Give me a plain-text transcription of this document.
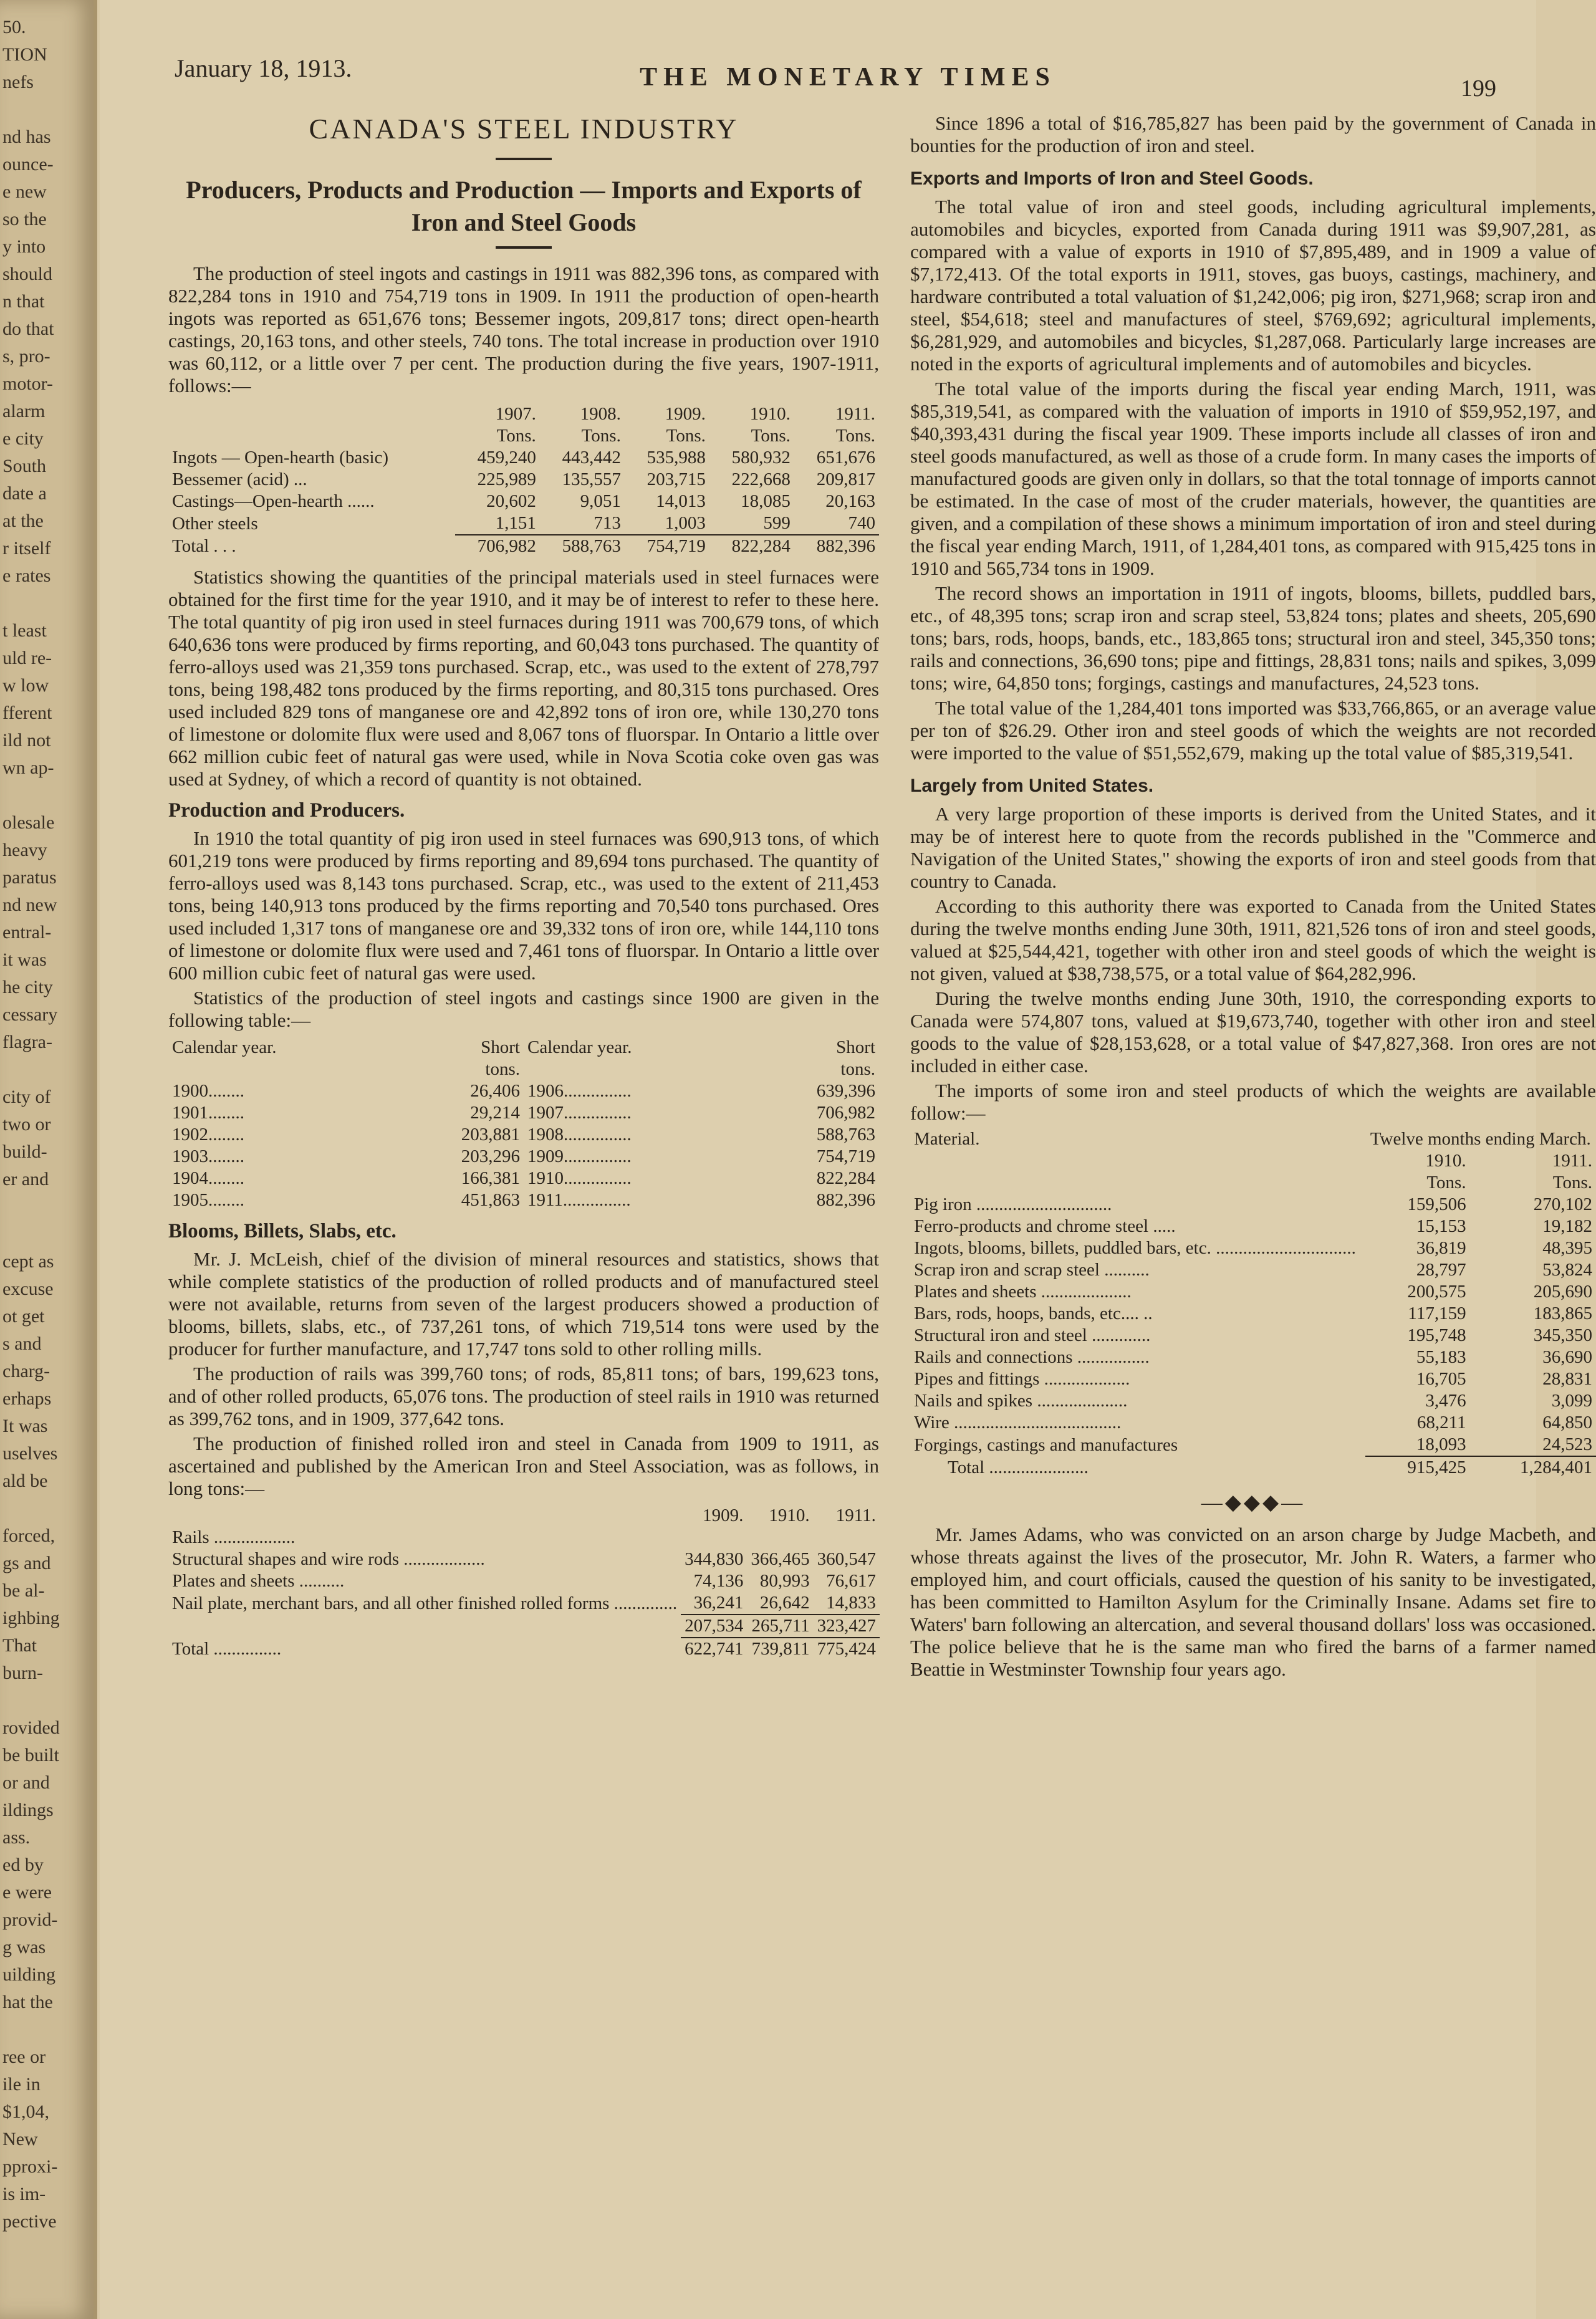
50.
TION
nefs
nd has
ounce-
e new
so the
y into
should
n that
do that
s, pro-
motor-
alarm
e city
South
date a
at the
r itself
e rates
t least
uld re-
w low
fferent
ild not
wn ap-
olesale
heavy
paratus
nd new
entral-
it was
he city
cessary
flagra-
city of
two or
build-
er and
cept as
excuse
ot get
s and
charg-
erhaps
It was
uselves
ald be
forced,
gs and
be al-
ighbing
That
burn-
rovided
be built
or and
ildings
ass.
ed by
e were
provid-
g was
uilding
hat the
ree or
ile in
$1,04,
New
pproxi-
is im-
pective
January 18, 1913.	THE MONETARY TIMES	199
CANADA'S STEEL INDUSTRY
Producers, Products and Production — Imports and Exports of Iron and Steel Goods

The production of steel ingots and castings in 1911 was 882,396 tons, as compared with 822,284 tons in 1910 and 754,719 tons in 1909. In 1911 the production of open-hearth ingots was reported as 651,676 tons; Bessemer ingots, 209,817 tons; direct open-hearth castings, 20,163 tons, and other steels, 740 tons. The total increase in production over 1910 was 60,112, or a little over 7 per cent. The production during the five years, 1907-1911, follows:—

	1907.	1908.	1909.	1910.	1911.
	Tons.	Tons.	Tons.	Tons.	Tons.
Ingots — Open-hearth (basic)	459,240	443,442	535,988	580,932	651,676
Bessemer (acid) ...	225,989	135,557	203,715	222,668	209,817
Castings—Open-hearth ......	20,602	9,051	14,013	18,085	20,163
Other steels	1,151	713	1,003	599	740
Total . . .	706,982	588,763	754,719	822,284	882,396

Statistics showing the quantities of the principal materials used in steel furnaces were obtained for the first time for the year 1910, and it may be of interest to refer to these here. The total quantity of pig iron used in steel furnaces during 1911 was 700,679 tons, of which 640,636 tons were produced by firms reporting, and 60,043 tons purchased. The quantity of ferro-alloys used was 21,359 tons purchased. Scrap, etc., was used to the extent of 278,797 tons, being 198,482 tons produced by the firms reporting, and 80,315 tons purchased. Ores used included 829 tons of manganese ore and 42,892 tons of iron ore, while 130,270 tons of limestone or dolomite flux were used and 8,067 tons of fluorspar. In Ontario a little over 662 million cubic feet of natural gas were used, while in Nova Scotia coke oven gas was used at Sydney, of which a record of quantity is not obtained.

Production and Producers.

In 1910 the total quantity of pig iron used in steel furnaces was 690,913 tons, of which 601,219 tons were produced by firms reporting and 89,694 tons purchased. The quantity of ferro-alloys used was 8,143 tons purchased. Scrap, etc., was used to the extent of 211,453 tons, being 140,913 tons produced by the firms reporting and 70,540 tons purchased. Ores used included 1,317 tons of manganese ore and 39,332 tons of iron ore, while 144,110 tons of limestone or dolomite flux were used and 7,461 tons of fluorspar. In Ontario a little over 600 million cubic feet of natural gas were used.

Statistics of the production of steel ingots and castings since 1900 are given in the following table:—

Calendar year.	Short	Calendar year.	Short
	tons.		tons.
1900........	26,406	1906...............	639,396
1901........	29,214	1907...............	706,982
1902........	203,881	1908...............	588,763
1903........	203,296	1909...............	754,719
1904........	166,381	1910...............	822,284
1905........	451,863	1911...............	882,396
Blooms, Billets, Slabs, etc.

Mr. J. McLeish, chief of the division of mineral resources and statistics, shows that while complete statistics of the production of rolled products and of manufactured steel were not available, returns from seven of the largest producers showed a production of blooms, billets, slabs, etc., of 737,261 tons, of which 719,514 tons were used by the producer for further manufacture, and 17,747 tons sold to other rolling mills.

The production of rails was 399,760 tons; of rods, 85,811 tons; of bars, 199,623 tons, and of other rolled products, 65,076 tons. The production of steel rails in 1910 was returned as 399,762 tons, and in 1909, 377,642 tons.

The production of finished rolled iron and steel in Canada from 1909 to 1911, as ascertained and published by the American Iron and Steel Association, was as follows, in long tons:—

	1909.	1910.	1911.
Rails ..................			
Structural shapes and wire rods ..................	344,830	366,465	360,547
Plates and sheets ..........	74,136	80,993	76,617
Nail plate, merchant bars, and all other finished rolled forms ..............	36,241	26,642	14,833
	207,534	265,711	323,427
Total ...............	622,741	739,811	775,424

Since 1896 a total of $16,785,827 has been paid by the government of Canada in bounties for the production of iron and steel.

Exports and Imports of Iron and Steel Goods.

The total value of iron and steel goods, including agricultural implements, automobiles and bicycles, exported from Canada during 1911 was $9,907,281, as compared with a value of exports in 1910 of $7,895,489, and in 1909 a value of $7,172,413. Of the total exports in 1911, stoves, gas buoys, castings, machinery, and hardware contributed a total valuation of $1,242,006; pig iron, $271,968; scrap iron and steel, $54,618; steel and manufactures of steel, $769,692; agricultural implements, $6,281,929, and automobiles and bicycles, $1,287,068. Particularly large increases are noted in the exports of agricultural implements and of automobiles and bicycles.

The total value of the imports during the fiscal year ending March, 1911, was $85,319,541, as compared with the valuation of imports in 1910 of $59,952,197, and $40,393,431 during the fiscal year 1909. These imports include all classes of iron and steel goods manufactured, as well as those of a crude form. In many cases the imports of manufactured goods are given only in dollars, so that the total tonnage of imports cannot be estimated. In the case of most of the cruder materials, however, the quantities are given, and a compilation of these shows a minimum importation of iron and steel during the fiscal year ending March, 1911, of 1,284,401 tons, as compared with 915,425 tons in 1910 and 565,734 tons in 1909.

The record shows an importation in 1911 of ingots, blooms, billets, puddled bars, etc., of 48,395 tons; scrap iron and scrap steel, 53,824 tons; plates and sheets, 205,690 tons; bars, rods, hoops, bands, etc., 183,865 tons; structural iron and steel, 345,350 tons; rails and connections, 36,690 tons; pipe and fittings, 28,831 tons; nails and spikes, 3,099 tons; wire, 64,850 tons; forgings, castings and manufactures, 24,523 tons.

The total value of the 1,284,401 tons imported was $33,766,865, or an average value per ton of $26.29. Other iron and steel goods of which the weights are not recorded were imported to the value of $51,552,679, making up the total value of $85,319,541.

Largely from United States.

A very large proportion of these imports is derived from the United States, and it may be of interest here to quote from the records published in the "Commerce and Navigation of the United States," showing the exports of iron and steel goods from that country to Canada.

According to this authority there was exported to Canada from the United States during the twelve months ending June 30th, 1911, 821,526 tons of iron and steel goods, valued at $25,544,421, together with other iron and steel goods of which the weight is not given, valued at $38,738,575, or a total value of $64,282,996.

During the twelve months ending June 30th, 1910, the corresponding exports to Canada were 574,807 tons, valued at $19,673,740, together with other iron and steel goods to the value of $28,153,628, or a total value of $47,827,368. Iron ores are not included in either case.

The imports of some iron and steel products of which the weights are available follow:—

Material.	Twelve months ending March.	
	1910.	1911.
	Tons.	Tons.
Pig iron ..............................	159,506	270,102
Ferro-products and chrome steel .....	15,153	19,182
Ingots, blooms, billets, puddled bars, etc. ...............................	36,819	48,395
Scrap iron and scrap steel ..........	28,797	53,824
Plates and sheets ....................	200,575	205,690
Bars, rods, hoops, bands, etc.... ..	117,159	183,865
Structural iron and steel .............	195,748	345,350
Rails and connections ................	55,183	36,690
Pipes and fittings ...................	16,705	28,831
Nails and spikes ....................	3,476	3,099
Wire .....................................	68,211	64,850
Forgings, castings and manufactures	18,093	24,523
Total ......................	915,425	1,284,401
—◆◆◆—

Mr. James Adams, who was convicted on an arson charge by Judge Macbeth, and whose threats against the lives of the prosecutor, Mr. John R. Waters, a farmer who employed him, and court officials, caused the question of his sanity to be investigated, has been committed to Hamilton Asylum for the Criminally Insane. Adams set fire to Waters' barn following an altercation, and several thousand dollars' loss was occasioned. The police believe that he is the same man who fired the barns of a farmer named Beattie in Westminster Township four years ago.
